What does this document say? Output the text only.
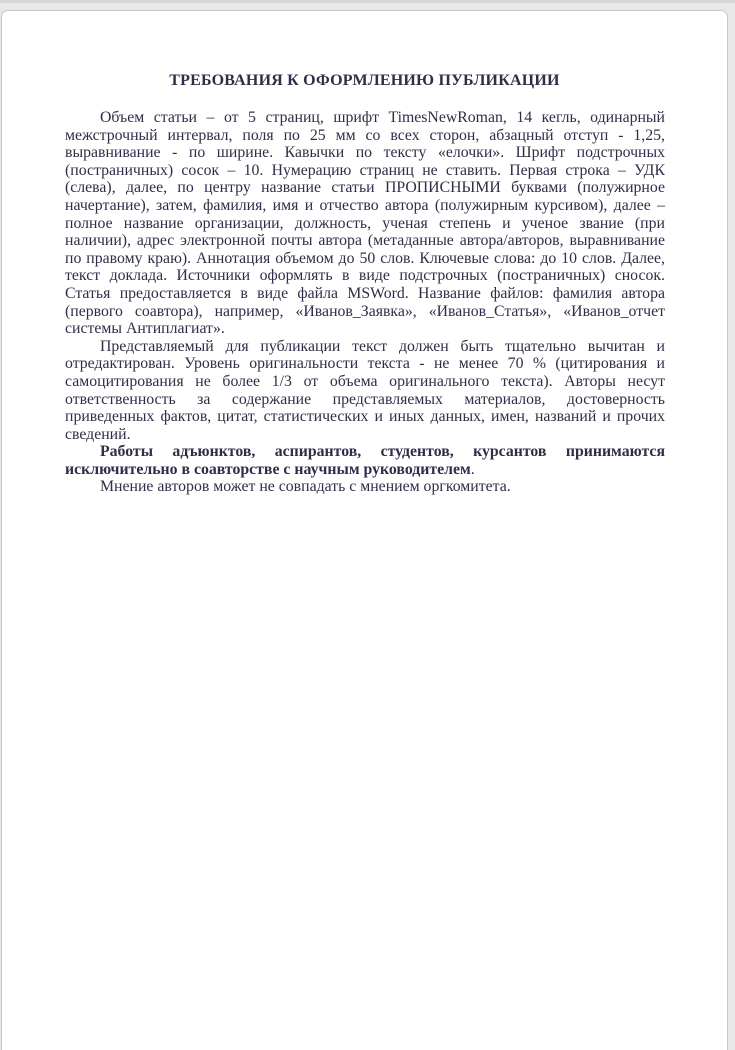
ТРЕБОВАНИЯ К ОФОРМЛЕНИЮ ПУБЛИКАЦИИ

Объем статьи – от 5 страниц, шрифт TimesNewRoman, 14 кегль, одинарный межстрочный интервал, поля по 25 мм со всех сторон, абзацный отступ - 1,25, выравнивание - по ширине. Кавычки по тексту «елочки». Шрифт подстрочных (постраничных) сосок – 10. Нумерацию страниц не ставить. Первая строка – УДК (слева), далее, по центру название статьи ПРОПИСНЫМИ буквами (полужирное начертание), затем, фамилия, имя и отчество автора (полужирным курсивом), далее – полное название организации, должность, ученая степень и ученое звание (при наличии), адрес электронной почты автора (метаданные автора/авторов, выравнивание по правому краю). Аннотация объемом до 50 слов. Ключевые слова: до 10 слов. Далее, текст доклада. Источники оформлять в виде подстрочных (постраничных) сносок. Статья предоставляется в виде файла MSWord. Название файлов: фамилия автора (первого соавтора), например, «Иванов_Заявка», «Иванов_Статья», «Иванов_отчет системы Антиплагиат».

Представляемый для публикации текст должен быть тщательно вычитан и отредактирован. Уровень оригинальности текста - не менее 70 % (цитирования и самоцитирования не более 1/3 от объема оригинального текста). Авторы несут ответственность за содержание представляемых материалов, достоверность приведенных фактов, цитат, статистических и иных данных, имен, названий и прочих сведений.

Работы адъюнктов, аспирантов, студентов, курсантов принимаются исключительно в соавторстве с научным руководителем.

Мнение авторов может не совпадать с мнением оргкомитета.
